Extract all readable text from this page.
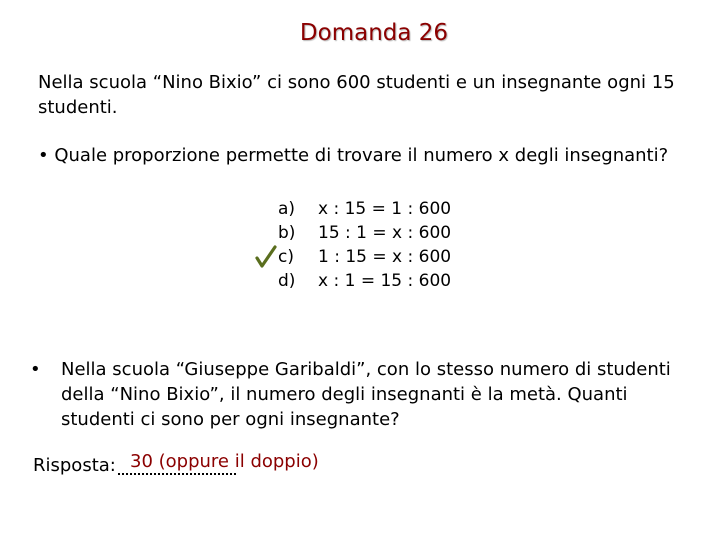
Domanda 26
Nella scuola “Nino Bixio” ci sono 600 studenti e un insegnante ogni 15 studenti.
• Quale proporzione permette di trovare il numero x degli insegnanti?
a)	x : 15 = 1 : 600
b)	15 : 1 = x : 600
c)	1 : 15 = x : 600
d)	x : 1 = 15 : 600
• Nella scuola “Giuseppe Garibaldi”, con lo stesso numero di studenti della “Nino Bixio”, il numero degli insegnanti è la metà. Quanti studenti ci sono per ogni insegnante?
Risposta: 30 (oppure il doppio)
